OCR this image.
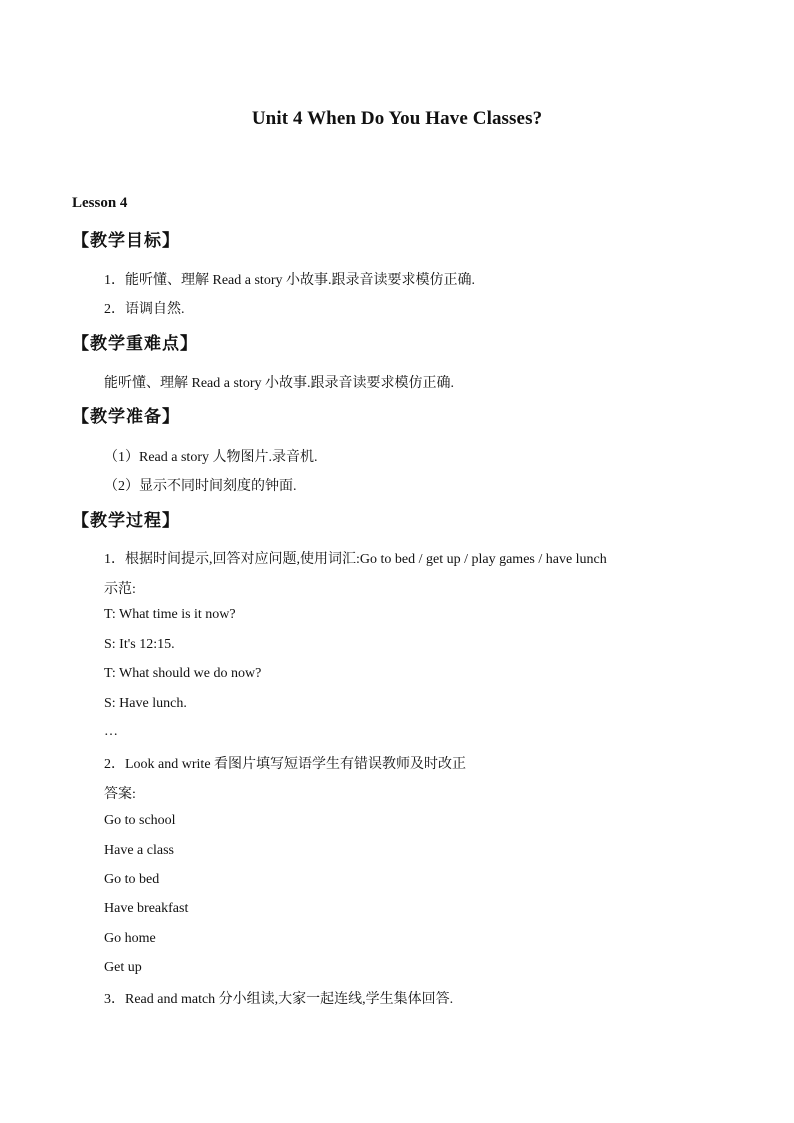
Unit 4 When Do You Have Classes?
Lesson 4
【教学目标】
1．能听懂、理解 Read a story 小故事.跟录音读要求模仿正确.
2．语调自然.
【教学重难点】
能听懂、理解 Read a story 小故事.跟录音读要求模仿正确.
【教学准备】
（1）Read a story 人物图片.录音机.
（2）显示不同时间刻度的钟面.
【教学过程】
1．根据时间提示,回答对应问题,使用词汇:Go to bed / get up / play games / have lunch
示范:
T: What time is it now?
S: It's 12:15.
T: What should we do now?
S: Have lunch.
…
2．Look and write 看图片填写短语学生有错误教师及时改正
答案:
Go to school
Have a class
Go to bed
Have breakfast
Go home
Get up
3．Read and match 分小组读,大家一起连线,学生集体回答.
